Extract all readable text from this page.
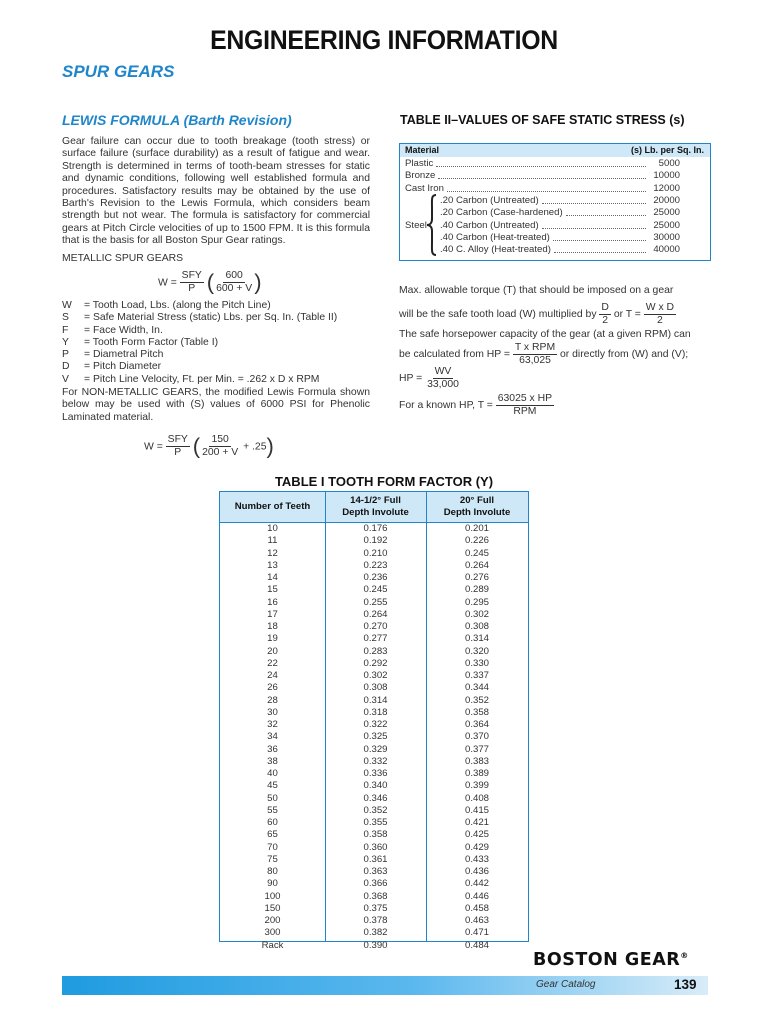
ENGINEERING INFORMATION
SPUR GEARS
LEWIS FORMULA (Barth Revision)
Gear failure can occur due to tooth breakage (tooth stress) or surface failure (surface durability) as a result of fatigue and wear. Strength is determined in terms of tooth-beam stresses for static and dynamic conditions, following well established formula and procedures. Satisfactory results may be obtained by the use of Barth's Revision to the Lewis Formula, which considers beam strength but not wear. The formula is satisfactory for commercial gears at Pitch Circle velocities of up to 1500 FPM. It is this formula that is the basis for all Boston Spur Gear ratings.
METALLIC SPUR GEARS
$W = \frac{\text{SFY}}{P}$ ( $\frac{600}{600 + V}$ )
W	= Tooth Load, Lbs. (along the Pitch Line)
S	= Safe Material Stress (static) Lbs. per Sq. In. (Table II)
F	= Face Width, In.
Y	= Tooth Form Factor (Table I)
P	= Diametral Pitch
D	= Pitch Diameter
V	= Pitch Line Velocity, Ft. per Min. = .262 x D x RPM
For NON-METALLIC GEARS, the modified Lewis Formula shown below may be used with (S) values of 6000 PSI for Phenolic Laminated material.
$W = \frac{\text{SFY}}{P}$ ( $\frac{150}{200 + V} + .25$)
TABLE II–VALUES OF SAFE STATIC STRESS (s)
Material	(s) Lb. per Sq. In.
Plastic	5000
Bronze	10000
Cast Iron	12000
.20 Carbon (Untreated)	20000
.20 Carbon (Case-hardened)	25000
.40 Carbon (Untreated)	25000
.40 Carbon (Heat-treated)	30000
.40 C. Alloy (Heat-treated)	40000
Steel
Max. allowable torque (T) that should be imposed on a gear
will be the safe tooth load (W) multiplied by
$\frac{D}{2}$
or T =
$\frac{\text{W x D}}{2}$
The safe horsepower capacity of the gear (at a given RPM) can
be calculated from HP =
$\frac{\text{T x RPM}}{63,025}$
or directly from (W) and (V);
HP =
$\frac{WV}{33,000}$
For a known HP, T =
$\frac{\text{63025 x HP}}{\text{RPM}}$
TABLE I TOOTH FORM FACTOR (Y)
Number of Teeth
14-1/2° Full
Depth Involute
20° Full
Depth Involute
10	0.176	0.201
11	0.192	0.226
12	0.210	0.245
13	0.223	0.264
14	0.236	0.276
15	0.245	0.289
16	0.255	0.295
17	0.264	0.302
18	0.270	0.308
19	0.277	0.314
20	0.283	0.320
22	0.292	0.330
24	0.302	0.337
26	0.308	0.344
28	0.314	0.352
30	0.318	0.358
32	0.322	0.364
34	0.325	0.370
36	0.329	0.377
38	0.332	0.383
40	0.336	0.389
45	0.340	0.399
50	0.346	0.408
55	0.352	0.415
60	0.355	0.421
65	0.358	0.425
70	0.360	0.429
75	0.361	0.433
80	0.363	0.436
90	0.366	0.442
100	0.368	0.446
150	0.375	0.458
200	0.378	0.463
300	0.382	0.471
Rack	0.390	0.484
BOSTON GEAR®
Gear Catalog	139
